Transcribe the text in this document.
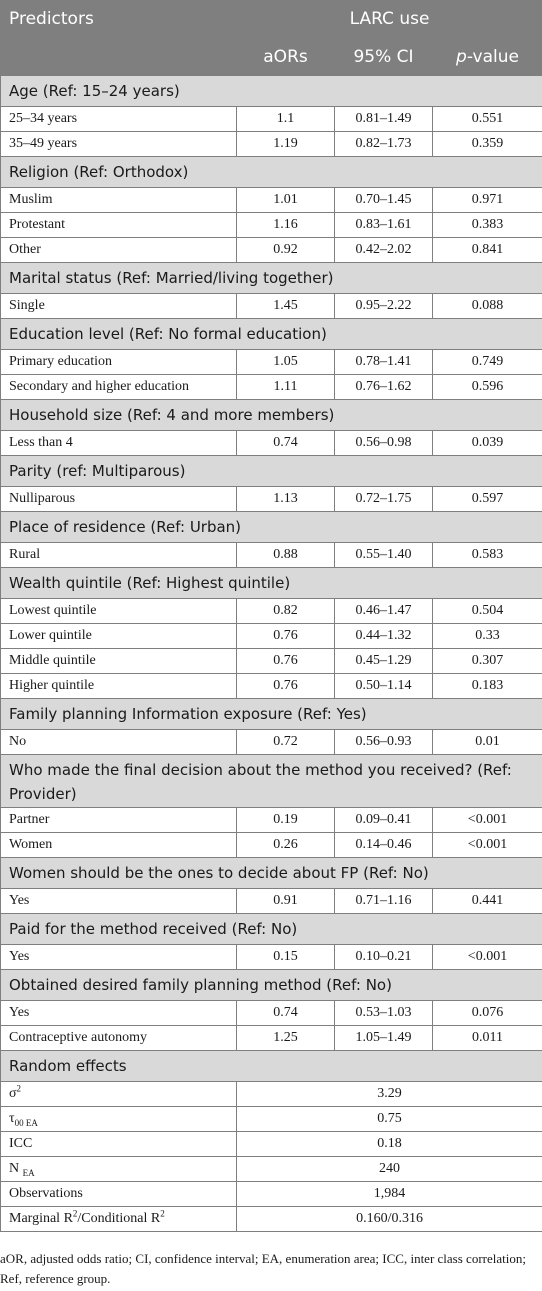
Predictors	LARC use		
	aORs	95% CI	p-value
Age (Ref: 15–24 years)			
25–34 years	1.1	0.81–1.49	0.551
35–49 years	1.19	0.82–1.73	0.359
Religion (Ref: Orthodox)			
Muslim	1.01	0.70–1.45	0.971
Protestant	1.16	0.83–1.61	0.383
Other	0.92	0.42–2.02	0.841
Marital status (Ref: Married/living together)			
Single	1.45	0.95–2.22	0.088
Education level (Ref: No formal education)			
Primary education	1.05	0.78–1.41	0.749
Secondary and higher education	1.11	0.76–1.62	0.596
Household size (Ref: 4 and more members)			
Less than 4	0.74	0.56–0.98	0.039
Parity (ref: Multiparous)			
Nulliparous	1.13	0.72–1.75	0.597
Place of residence (Ref: Urban)			
Rural	0.88	0.55–1.40	0.583
Wealth quintile (Ref: Highest quintile)			
Lowest quintile	0.82	0.46–1.47	0.504
Lower quintile	0.76	0.44–1.32	0.33
Middle quintile	0.76	0.45–1.29	0.307
Higher quintile	0.76	0.50–1.14	0.183
Family planning Information exposure (Ref: Yes)			
No	0.72	0.56–0.93	0.01
Who made the final decision about the method you received? (Ref: Provider)			
Partner	0.19	0.09–0.41	<0.001
Women	0.26	0.14–0.46	<0.001
Women should be the ones to decide about FP (Ref: No)			
Yes	0.91	0.71–1.16	0.441
Paid for the method received (Ref: No)			
Yes	0.15	0.10–0.21	<0.001
Obtained desired family planning method (Ref: No)			
Yes	0.74	0.53–1.03	0.076
Contraceptive autonomy	1.25	1.05–1.49	0.011
Random effects			
$\sigma^2$	3.29		
$\tau_{00 EA}$	0.75		
ICC	0.18		
N $_{EA}$	240		
Observations	1,984		
Marginal $R^2$/Conditional $R^2$	0.160/0.316		
aOR, adjusted odds ratio; CI, confidence interval; EA, enumeration area; ICC, inter class correlation; Ref, reference group.
